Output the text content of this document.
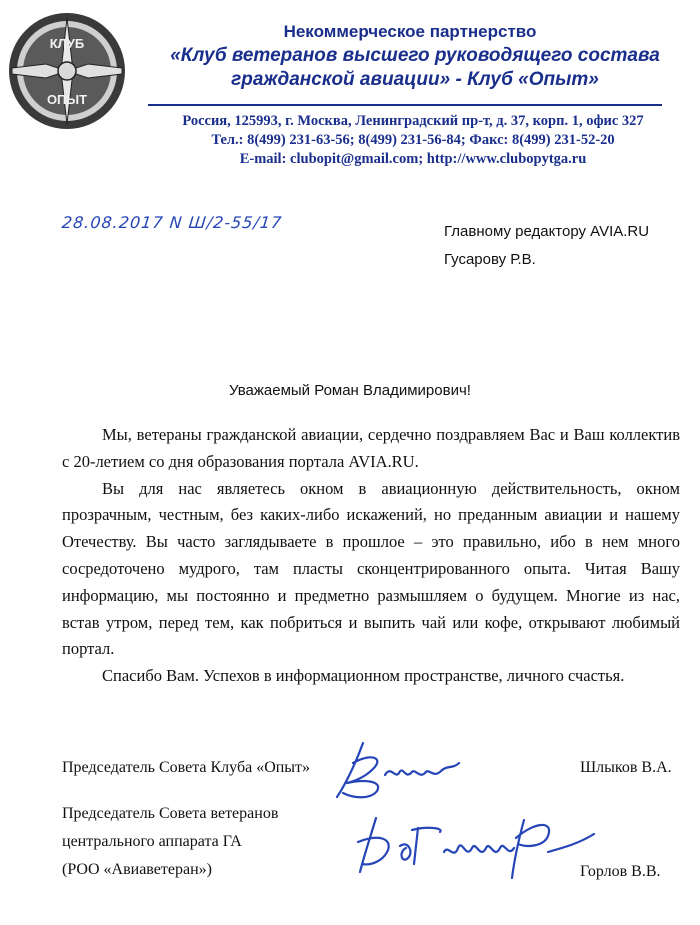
КЛУБ
ОПЫТ
Некоммерческое партнерство
«Клуб ветеранов высшего руководящего состава
гражданской авиации» - Клуб «Опыт»
Россия, 125993, г. Москва, Ленинградский пр-т, д. 37, корп. 1, офис 327
Тел.: 8(499) 231-63-56; 8(499) 231-56-84; Факс: 8(499) 231-52-20
E-mail: clubopit@gmail.com; http://www.clubopytga.ru
28.08.2017 N Ш/2-55/17	Главному редактору AVIA.RU
Гусарову Р.В.
Уважаемый Роман Владимирович!

Мы, ветераны гражданской авиации, сердечно поздравляем Вас и Ваш коллектив с 20-летием со дня образования портала AVIA.RU.

Вы для нас являетесь окном в авиационную действительность, окном прозрачным, честным, без каких-либо искажений, но преданным авиации и нашему Отечеству. Вы часто заглядываете в прошлое – это правильно, ибо в нем много сосредоточено мудрого, там пласты сконцентрированного опыта. Читая Вашу информацию, мы постоянно и предметно размышляем о будущем. Многие из нас, встав утром, перед тем, как побриться и выпить чай или кофе, открывают любимый портал.

Спасибо Вам. Успехов в информационном пространстве, личного счастья.

Председатель Совета Клуба «Опыт»	Шлыков В.А.
Председатель Совета ветеранов
центрального аппарата ГА
(РОО «Авиаветеран»)	Горлов В.В.
